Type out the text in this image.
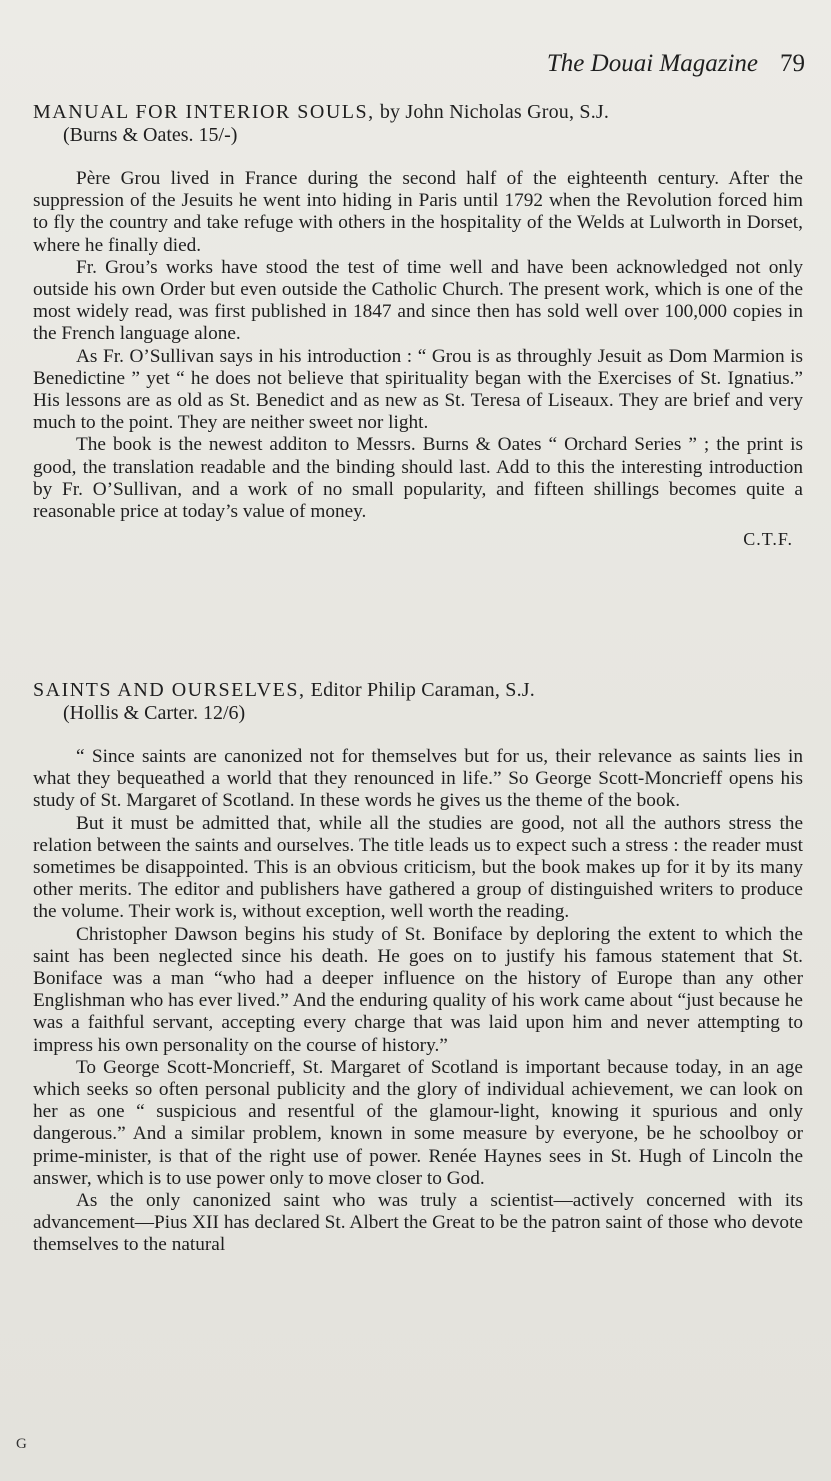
The Douai Magazine 79

MANUAL FOR INTERIOR SOULS, by John Nicholas Grou, S.J.

(Burns & Oates. 15/-)

Père Grou lived in France during the second half of the eighteenth century. After the suppression of the Jesuits he went into hiding in Paris until 1792 when the Revolution forced him to fly the country and take refuge with others in the hospitality of the Welds at Lulworth in Dorset, where he finally died.

Fr. Grou’s works have stood the test of time well and have been acknowledged not only outside his own Order but even outside the Catholic Church. The present work, which is one of the most widely read, was first published in 1847 and since then has sold well over 100,000 copies in the French language alone.

As Fr. O’Sullivan says in his introduction : “ Grou is as throughly Jesuit as Dom Marmion is Benedictine ” yet “ he does not believe that spirituality began with the Exercises of St. Ignatius.” His lessons are as old as St. Benedict and as new as St. Teresa of Liseaux. They are brief and very much to the point. They are neither sweet nor light.

The book is the newest additon to Messrs. Burns & Oates “ Orchard Series ” ; the print is good, the translation readable and the binding should last. Add to this the interesting introduction by Fr. O’Sullivan, and a work of no small popularity, and fifteen shillings becomes quite a reasonable price at today’s value of money.

C.T.F.

SAINTS AND OURSELVES, Editor Philip Caraman, S.J.

(Hollis & Carter. 12/6)

“ Since saints are canonized not for themselves but for us, their relevance as saints lies in what they bequeathed a world that they renounced in life.” So George Scott-Moncrieff opens his study of St. Margaret of Scotland. In these words he gives us the theme of the book.

But it must be admitted that, while all the studies are good, not all the authors stress the relation between the saints and ourselves. The title leads us to expect such a stress : the reader must sometimes be disappointed. This is an obvious criticism, but the book makes up for it by its many other merits. The editor and publishers have gathered a group of distinguished writers to produce the volume. Their work is, without exception, well worth the reading.

Christopher Dawson begins his study of St. Boniface by deploring the extent to which the saint has been neglected since his death. He goes on to justify his famous statement that St. Boniface was a man “who had a deeper influence on the history of Europe than any other Englishman who has ever lived.” And the enduring quality of his work came about “just because he was a faithful servant, accepting every charge that was laid upon him and never attempting to impress his own personality on the course of history.”

To George Scott-Moncrieff, St. Margaret of Scotland is important because today, in an age which seeks so often personal publicity and the glory of individual achievement, we can look on her as one “ suspicious and resentful of the glamour-light, knowing it spurious and only dangerous.” And a similar problem, known in some measure by everyone, be he schoolboy or prime-minister, is that of the right use of power. Renée Haynes sees in St. Hugh of Lincoln the answer, which is to use power only to move closer to God.

As the only canonized saint who was truly a scientist—actively concerned with its advancement—Pius XII has declared St. Albert the Great to be the patron saint of those who devote themselves to the natural

G
